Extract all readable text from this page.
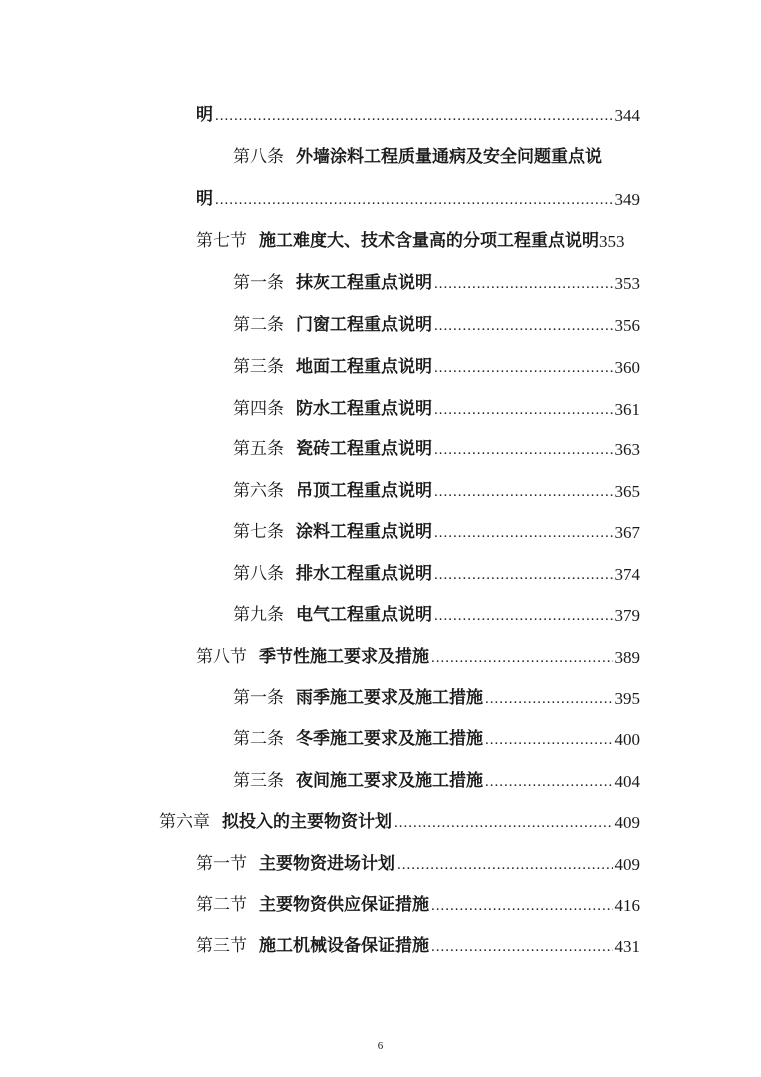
明 .....	344
第八条 外墙涂料工程质量通病及安全问题重点说
明 .....	349
第七节 施工难度大、技术含量高的分项工程重点说明 353
第一条 抹灰工程重点说明 .....	353
第二条 门窗工程重点说明 .....	356
第三条 地面工程重点说明 .....	360
第四条 防水工程重点说明 .....	361
第五条 瓷砖工程重点说明 .....	363
第六条 吊顶工程重点说明 .....	365
第七条 涂料工程重点说明 .....	367
第八条 排水工程重点说明 .....	374
第九条 电气工程重点说明 .....	379
第八节 季节性施工要求及措施 .....	389
第一条 雨季施工要求及施工措施 .....	395
第二条 冬季施工要求及施工措施 .....	400
第三条 夜间施工要求及施工措施 .....	404
第六章 拟投入的主要物资计划 .....	409
第一节 主要物资进场计划 .....	409
第二节 主要物资供应保证措施 .....	416
第三节 施工机械设备保证措施 .....	431
6
